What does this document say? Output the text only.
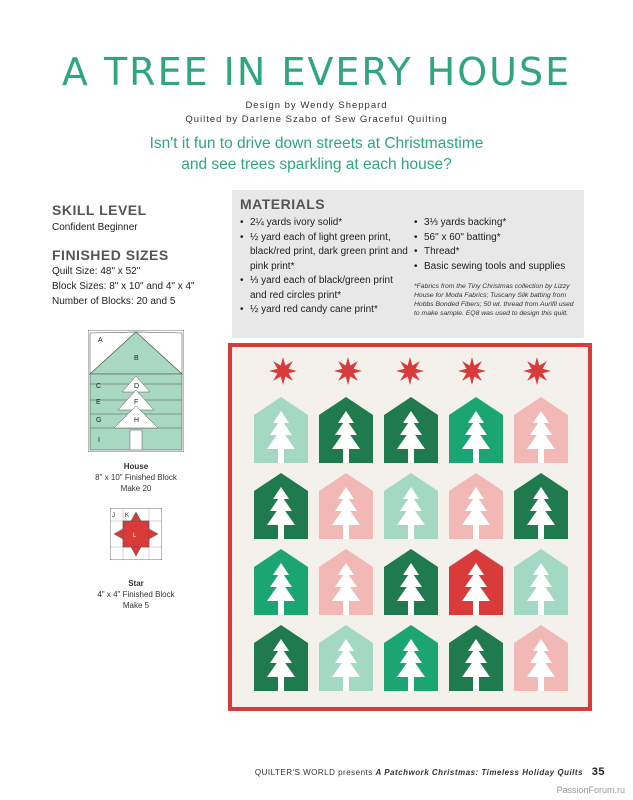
A TREE IN EVERY HOUSE
Design by Wendy Sheppard
Quilted by Darlene Szabo of Sew Graceful Quilting
Isn't it fun to drive down streets at Christmastime
and see trees sparkling at each house?
SKILL LEVEL
Confident Beginner
FINISHED SIZES
Quilt Size: 48" x 52"
Block Sizes: 8" x 10" and 4" x 4"
Number of Blocks: 20 and 5
MATERIALS
• 2¼ yards ivory solid*
• ½ yard each of light green print, black/red print, dark green print and pink print*
• ⅓ yard each of black/green print and red circles print*
• ½ yard red candy cane print*
• 3⅓ yards backing*
• 56" x 60" batting*
• Thread*
• Basic sewing tools and supplies
*Fabrics from the Tiny Christmas collection by Lizzy House for Moda Fabrics; Tuscany Silk batting from Hobbs Bonded Fibers; 50 wt. thread from Aurifil used to make sample. EQ8 was used to design this quilt.
A
B
C	D
E	F
G	H
I
House
8" x 10" Finished Block
Make 20
J K
L
Star
4" x 4" Finished Block
Make 5
QUILTER'S WORLD presents A Patchwork Christmas: Timeless Holiday Quilts 35
PassionForum.ru
